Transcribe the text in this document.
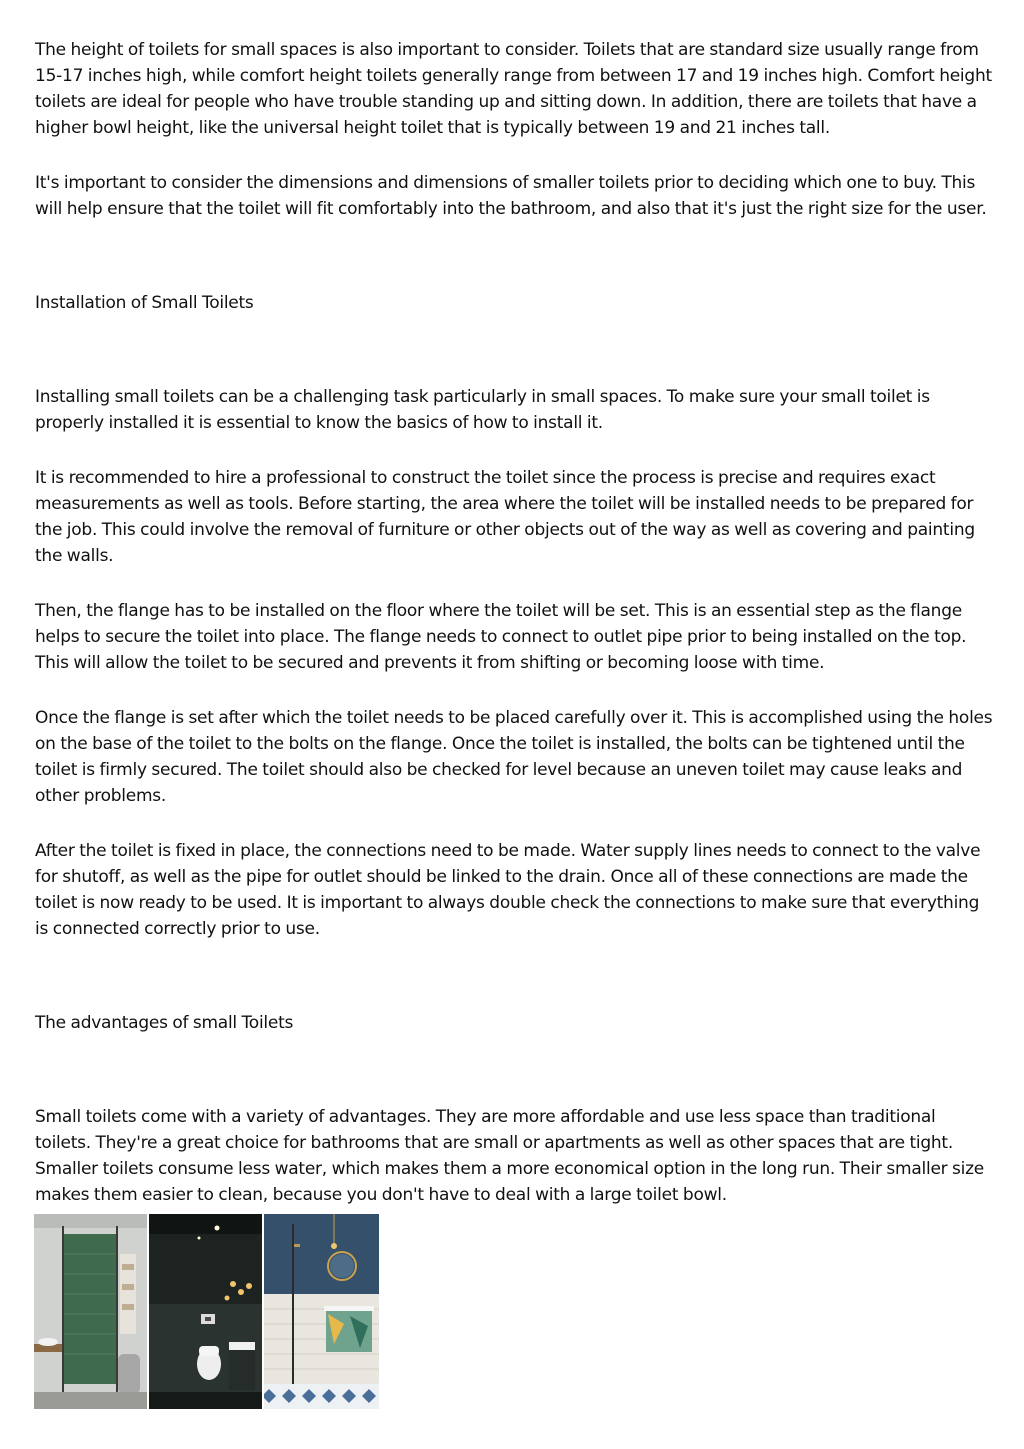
The height of toilets for small spaces is also important to consider. Toilets that are standard size usually range from 15-17 inches high, while comfort height toilets generally range from between 17 and 19 inches high. Comfort height toilets are ideal for people who have trouble standing up and sitting down. In addition, there are toilets that have a higher bowl height, like the universal height toilet that is typically between 19 and 21 inches tall.

It's important to consider the dimensions and dimensions of smaller toilets prior to deciding which one to buy. This will help ensure that the toilet will fit comfortably into the bathroom, and also that it's just the right size for the user.

Installation of Small Toilets

Installing small toilets can be a challenging task particularly in small spaces. To make sure your small toilet is properly installed it is essential to know the basics of how to install it.

It is recommended to hire a professional to construct the toilet since the process is precise and requires exact measurements as well as tools. Before starting, the area where the toilet will be installed needs to be prepared for the job. This could involve the removal of furniture or other objects out of the way as well as covering and painting the walls.

Then, the flange has to be installed on the floor where the toilet will be set. This is an essential step as the flange helps to secure the toilet into place. The flange needs to connect to outlet pipe prior to being installed on the top. This will allow the toilet to be secured and prevents it from shifting or becoming loose with time.

Once the flange is set after which the toilet needs to be placed carefully over it. This is accomplished using the holes on the base of the toilet to the bolts on the flange. Once the toilet is installed, the bolts can be tightened until the toilet is firmly secured. The toilet should also be checked for level because an uneven toilet may cause leaks and other problems.

After the toilet is fixed in place, the connections need to be made. Water supply lines needs to connect to the valve for shutoff, as well as the pipe for outlet should be linked to the drain. Once all of these connections are made the toilet is now ready to be used. It is important to always double check the connections to make sure that everything is connected correctly prior to use.

The advantages of small Toilets

Small toilets come with a variety of advantages. They are more affordable and use less space than traditional toilets. They're a great choice for bathrooms that are small or apartments as well as other spaces that are tight. Smaller toilets consume less water, which makes them a more economical option in the long run. Their smaller size makes them easier to clean, because you don't have to deal with a large toilet bowl.
